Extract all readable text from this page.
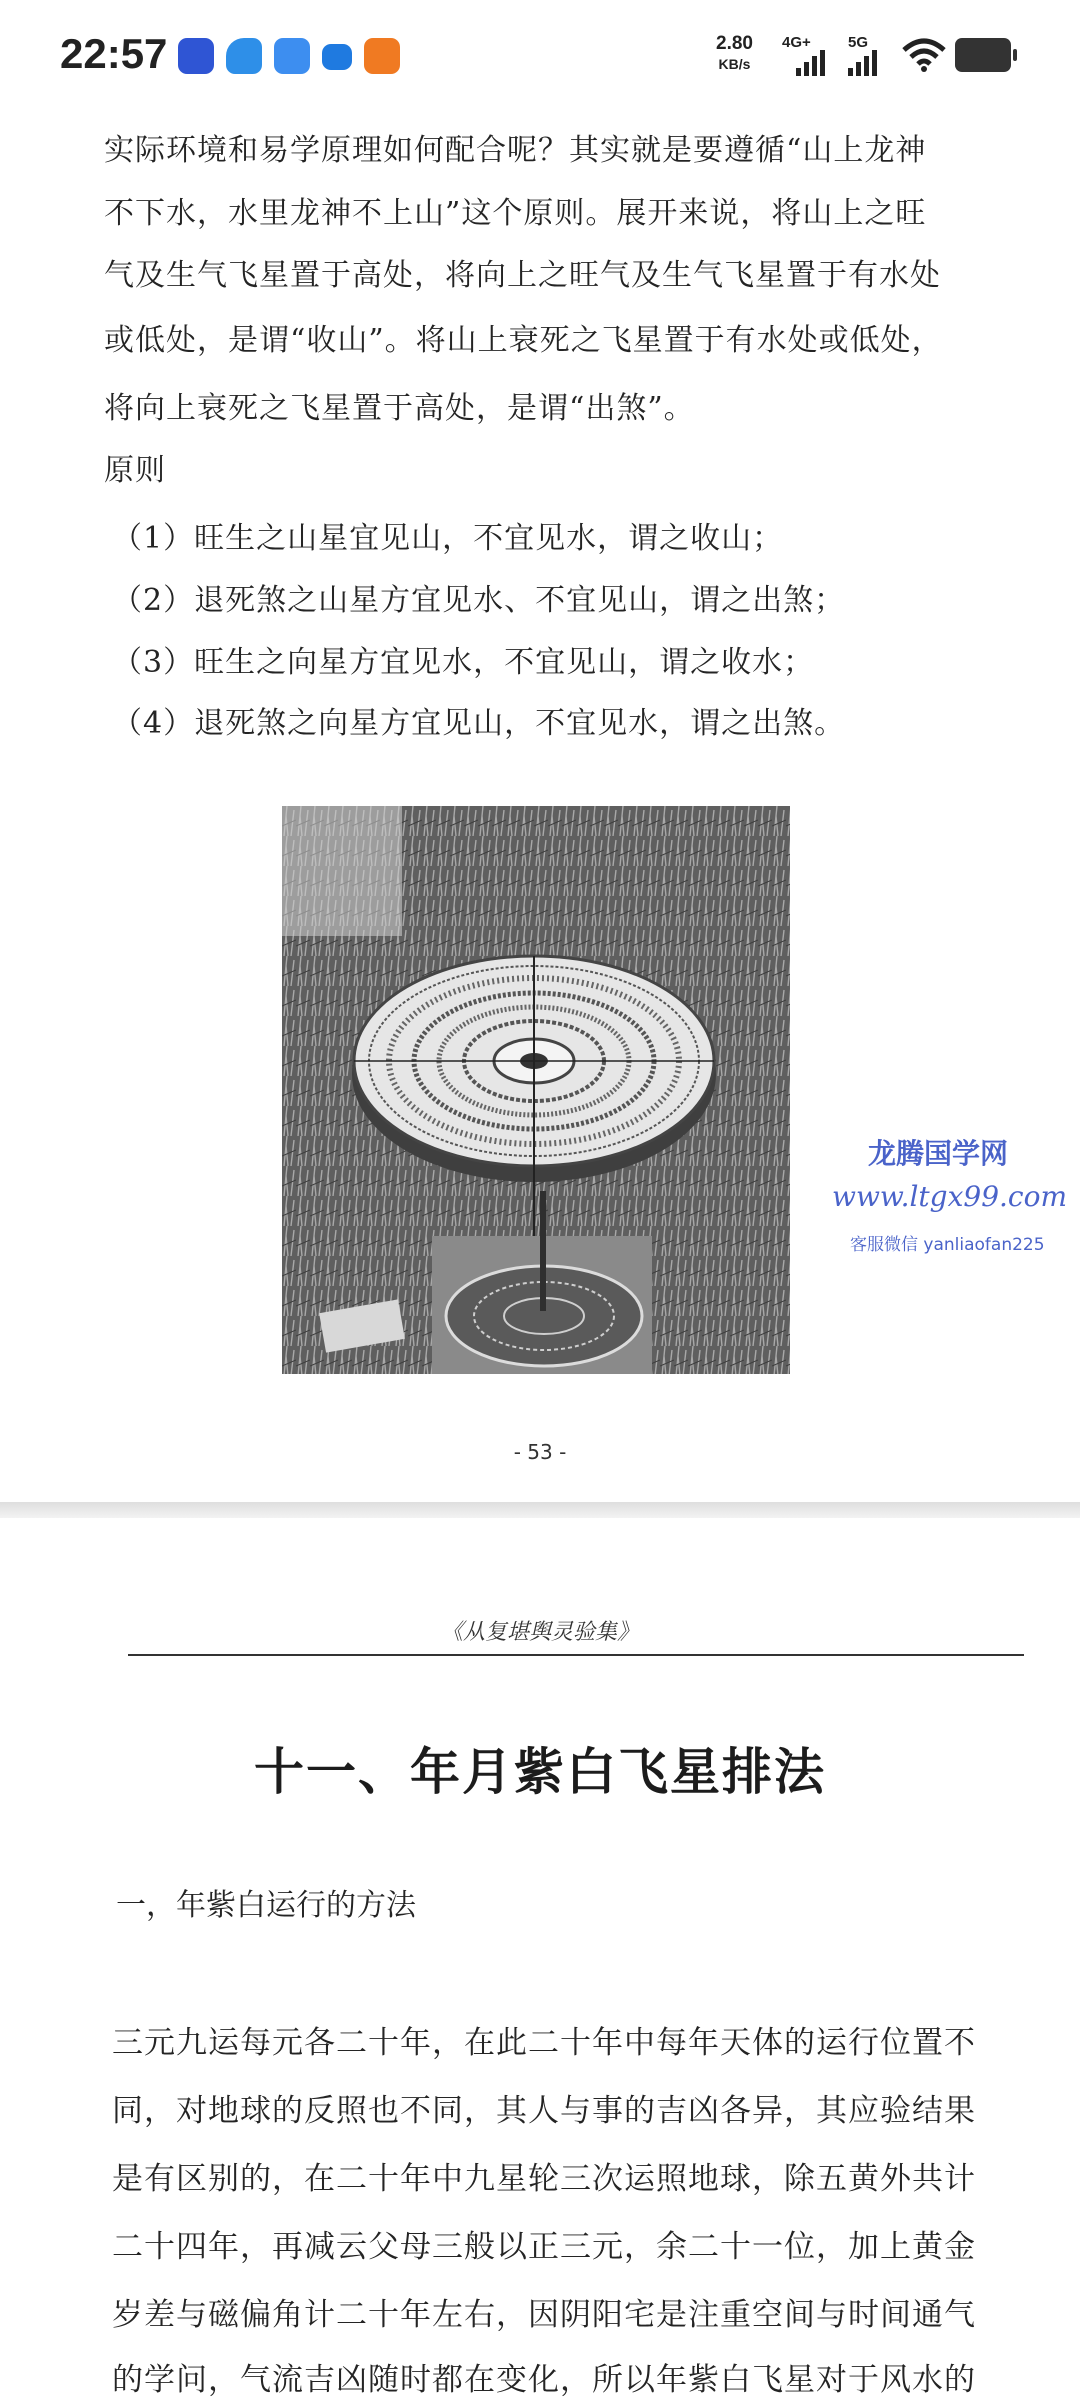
22:57	2.80
KB/s
4G+ 5G
实际环境和易学原理如何配合呢？其实就是要遵循“山上龙神
不下水，水里龙神不上山”这个原则。展开来说，将山上之旺
气及生气飞星置于高处，将向上之旺气及生气飞星置于有水处
或低处，是谓“收山”。将山上衰死之飞星置于有水处或低处，
将向上衰死之飞星置于高处，是谓“出煞”。
原则
（1）旺生之山星宜见山，不宜见水，谓之收山；
（2）退死煞之山星方宜见水、不宜见山，谓之出煞；
（3）旺生之向星方宜见水，不宜见山，谓之收水；
（4）退死煞之向星方宜见山，不宜见水，谓之出煞。
龙腾国学网
www.ltgx99.com
客服微信 yanliaofan225
- 53 -
《从复堪舆灵验集》
十一、年月紫白飞星排法
一，年紫白运行的方法
三元九运每元各二十年，在此二十年中每年天体的运行位置不
同，对地球的反照也不同，其人与事的吉凶各异，其应验结果
是有区别的，在二十年中九星轮三次运照地球，除五黄外共计
二十四年，再减云父母三般以正三元，余二十一位，加上黄金
岁差与磁偏角计二十年左右，因阴阳宅是注重空间与时间通气
的学问，气流吉凶随时都在变化，所以年紫白飞星对于风水的
